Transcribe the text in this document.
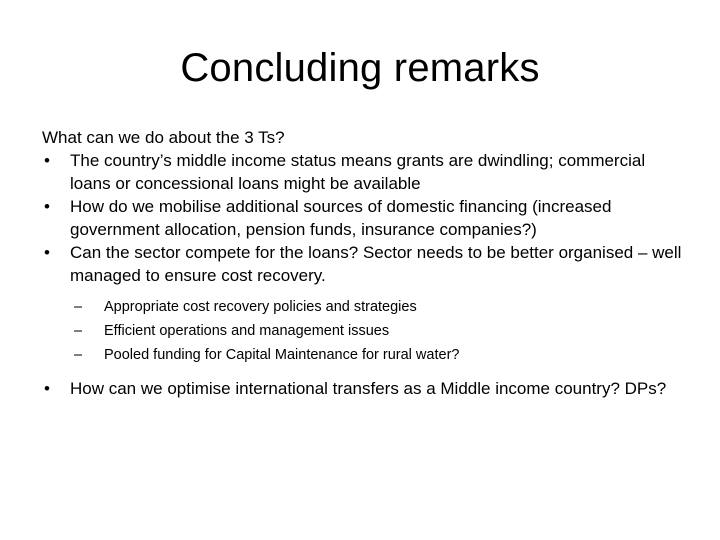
Concluding remarks

What can we do about the 3 Ts?

• The country’s middle income status means grants are dwindling; commercial loans or concessional loans might be available
• How do we mobilise additional sources of domestic financing (increased government allocation, pension funds, insurance companies?)
• Can the sector compete for the loans? Sector needs to be better organised – well managed to ensure cost recovery.
– Appropriate cost recovery policies and strategies
– Efficient operations and management issues
– Pooled funding for Capital Maintenance for rural water?
• How can we optimise international transfers as a Middle income country? DPs?
